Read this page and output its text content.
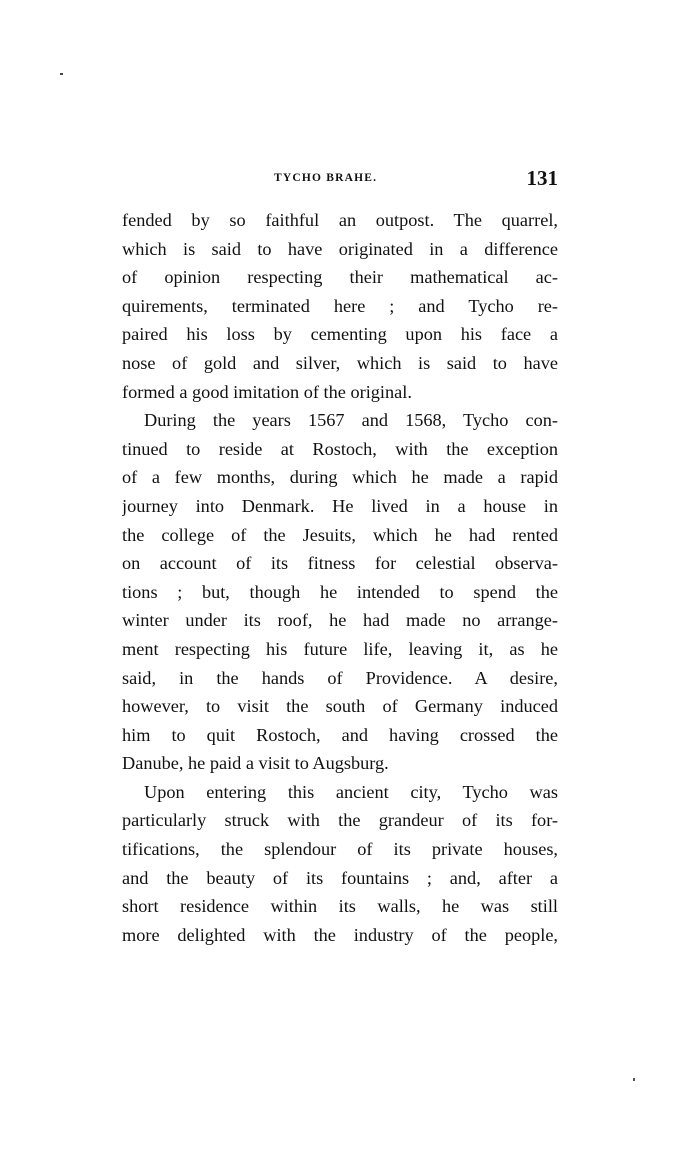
TYCHO BRAHE.	131
fended by so faithful an outpost. The quarrel,
which is said to have originated in a difference
of opinion respecting their mathematical ac-
quirements, terminated here ; and Tycho re-
paired his loss by cementing upon his face a
nose of gold and silver, which is said to have
formed a good imitation of the original.
During the years 1567 and 1568, Tycho con-
tinued to reside at Rostoch, with the exception
of a few months, during which he made a rapid
journey into Denmark. He lived in a house in
the college of the Jesuits, which he had rented
on account of its fitness for celestial observa-
tions ; but, though he intended to spend the
winter under its roof, he had made no arrange-
ment respecting his future life, leaving it, as he
said, in the hands of Providence. A desire,
however, to visit the south of Germany induced
him to quit Rostoch, and having crossed the
Danube, he paid a visit to Augsburg.
Upon entering this ancient city, Tycho was
particularly struck with the grandeur of its for-
tifications, the splendour of its private houses,
and the beauty of its fountains ; and, after a
short residence within its walls, he was still
more delighted with the industry of the people,
